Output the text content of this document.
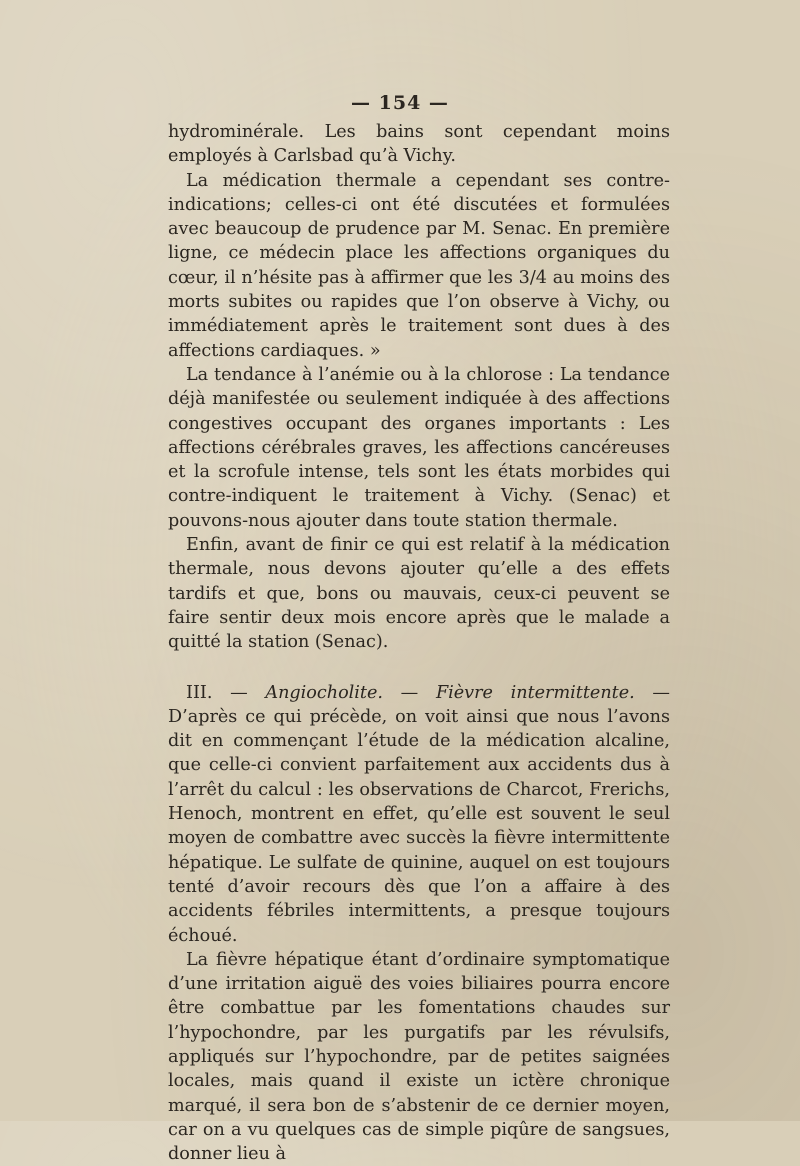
— 154 —

hydrominérale. Les bains sont cependant moins employés à Carlsbad qu’à Vichy.

La médication thermale a cependant ses contre-indications; celles-ci ont été discutées et formulées avec beaucoup de prudence par M. Senac. En première ligne, ce médecin place les affections organiques du cœur, il n’hésite pas à affirmer que les 3/4 au moins des morts subites ou rapides que l’on observe à Vichy, ou immédiatement après le traitement sont dues à des affections cardiaques. »

La tendance à l’anémie ou à la chlorose : La tendance déjà manifestée ou seulement indiquée à des affections congestives occupant des organes importants : Les affections cérébrales graves, les affections cancéreuses et la scrofule intense, tels sont les états morbides qui contre-indiquent le traitement à Vichy. (Senac) et pouvons-nous ajouter dans toute station thermale.

Enfin, avant de finir ce qui est relatif à la médication thermale, nous devons ajouter qu’elle a des effets tardifs et que, bons ou mauvais, ceux-ci peuvent se faire sentir deux mois encore après que le malade a quitté la station (Senac).

III. — Angiocholite. — Fièvre intermittente. — D’après ce qui précède, on voit ainsi que nous l’avons dit en commençant l’étude de la médication alcaline, que celle-ci convient parfaitement aux accidents dus à l’arrêt du calcul : les observations de Charcot, Frerichs, Henoch, montrent en effet, qu’elle est souvent le seul moyen de combattre avec succès la fièvre intermittente hépatique. Le sulfate de quinine, auquel on est toujours tenté d’avoir recours dès que l’on a affaire à des accidents fébriles intermittents, a presque toujours échoué.

La fièvre hépatique étant d’ordinaire symptomatique d’une irritation aiguë des voies biliaires pourra encore être combattue par les fomentations chaudes sur l’hypochondre, par les purgatifs par les révulsifs, appliqués sur l’hypochondre, par de petites saignées locales, mais quand il existe un ictère chronique marqué, il sera bon de s’abstenir de ce dernier moyen, car on a vu quelques cas de simple piqûre de sangsues, donner lieu à
